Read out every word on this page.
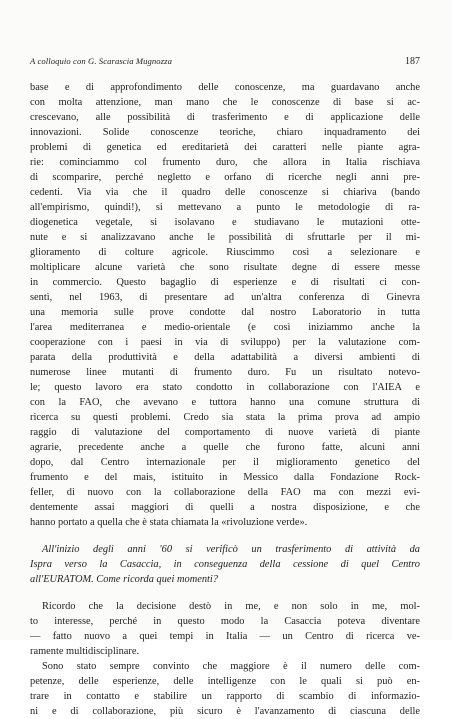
A colloquio con G. Scarascia Mugnozza	187
base e di approfondimento delle conoscenze, ma guardavano anche
con molta attenzione, man mano che le conoscenze di base si ac-
crescevano, alle possibilità di trasferimento e di applicazione delle
innovazioni. Solide conoscenze teoriche, chiaro inquadramento dei
problemi di genetica ed ereditarietà dei caratteri nelle piante agra-
rie: cominciammo col frumento duro, che allora in Italia rischiava
di scomparire, perché negletto e orfano di ricerche negli anni pre-
cedenti. Via via che il quadro delle conoscenze si chiariva (bando
all'empirismo, quindi!), si mettevano a punto le metodologie di ra-
diogenetica vegetale, si isolavano e studiavano le mutazioni otte-
nute e si analizzavano anche le possibilità di sfruttarle per il mi-
glioramento di colture agricole. Riuscimmo così a selezionare e
moltiplicare alcune varietà che sono risultate degne di essere messe
in commercio. Questo bagaglio di esperienze e di risultati ci con-
sentì, nel 1963, di presentare ad un'altra conferenza di Ginevra
una memoria sulle prove condotte dal nostro Laboratorio in tutta
l'area mediterranea e medio-orientale (e così iniziammo anche la
cooperazione con i paesi in via di sviluppo) per la valutazione com-
parata della produttività e della adattabilità a diversi ambienti di
numerose linee mutanti di frumento duro. Fu un risultato notevo-
le; questo lavoro era stato condotto in collaborazione con l'AIEA e
con la FAO, che avevano e tuttora hanno una comune struttura di
ricerca su questi problemi. Credo sia stata la prima prova ad ampio
raggio di valutazione del comportamento di nuove varietà di piante
agrarie, precedente anche a quelle che furono fatte, alcuni anni
dopo, dal Centro internazionale per il miglioramento genetico del
frumento e del mais, istituito in Messico dalla Fondazione Rock-
feller, di nuovo con la collaborazione della FAO ma con mezzi evi-
dentemente assai maggiori di quelli a nostra disposizione, e che
hanno portato a quella che è stata chiamata la «rivoluzione verde».
All'inizio degli anni '60 si verificò un trasferimento di attività da
Ispra verso la Casaccia, in conseguenza della cessione di quel Centro
all'EURATOM. Come ricorda quei momenti?
Ricordo che la decisione destò in me, e non solo in me, mol-
to interesse, perché in questo modo la Casaccia poteva diventare
— fatto nuovo a quei tempi in Italia — un Centro di ricerca ve-
ramente multidisciplinare.
Sono stato sempre convinto che maggiore è il numero delle com-
petenze, delle esperienze, delle intelligenze con le quali si può en-
trare in contatto e stabilire un rapporto di scambio di informazio-
ni e di collaborazione, più sicuro è l'avanzamento di ciascuna delle
